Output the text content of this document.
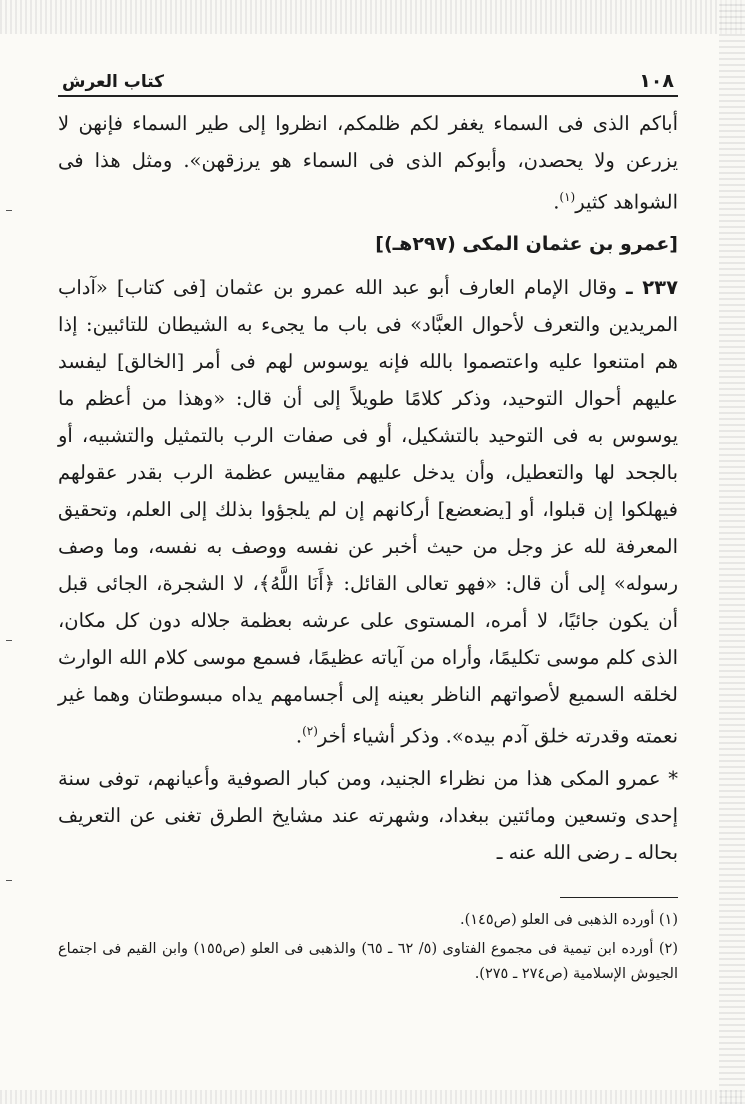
١٠٨
كتاب العرش

أباكم الذى فى السماء يغفر لكم ظلمكم، انظروا إلى طير السماء فإنهن لا يزرعن ولا يحصدن، وأبوكم الذى فى السماء هو يرزقهن». ومثل هذا فى الشواهد كثير$^{(١)}$.

[عمرو بن عثمان المكى (٢٩٧هـ)]

٢٣٧ ـ وقال الإمام العارف أبو عبد الله عمرو بن عثمان [فى كتاب] «آداب المريدين والتعرف لأحوال العبَّاد» فى باب ما يجىء به الشيطان للتائبين: إذا هم امتنعوا عليه واعتصموا بالله فإنه يوسوس لهم فى أمر [الخالق] ليفسد عليهم أحوال التوحيد، وذكر كلامًا طويلاً إلى أن قال: «وهذا من أعظم ما يوسوس به فى التوحيد بالتشكيل، أو فى صفات الرب بالتمثيل والتشبيه، أو بالجحد لها والتعطيل، وأن يدخل عليهم مقاييس عظمة الرب بقدر عقولهم فيهلكوا إن قبلوا، أو [يضعضع] أركانهم إن لم يلجؤوا بذلك إلى العلم، وتحقيق المعرفة لله عز وجل من حيث أخبر عن نفسه ووصف به نفسه، وما وصف رسوله» إلى أن قال: «فهو تعالى القائل: ﴿أَنَا اللَّهُ﴾، لا الشجرة، الجائى قبل أن يكون جائيًا، لا أمره، المستوى على عرشه بعظمة جلاله دون كل مكان، الذى كلم موسى تكليمًا، وأراه من آياته عظيمًا، فسمع موسى كلام الله الوارث لخلقه السميع لأصواتهم الناظر بعينه إلى أجسامهم يداه مبسوطتان وهما غير نعمته وقدرته خلق آدم بيده». وذكر أشياء أخر$^{(٢)}$.

* عمرو المكى هذا من نظراء الجنيد، ومن كبار الصوفية وأعيانهم، توفى سنة إحدى وتسعين ومائتين ببغداد، وشهرته عند مشايخ الطرق تغنى عن التعريف بحاله ـ رضى الله عنه ـ

(١) أورده الذهبى فى العلو (ص١٤٥).

(٢) أورده ابن تيمية فى مجموع الفتاوى (٥/ ٦٢ ـ ٦٥) والذهبى فى العلو (ص١٥٥) وابن القيم فى اجتماع الجيوش الإسلامية (ص٢٧٤ ـ ٢٧٥).
